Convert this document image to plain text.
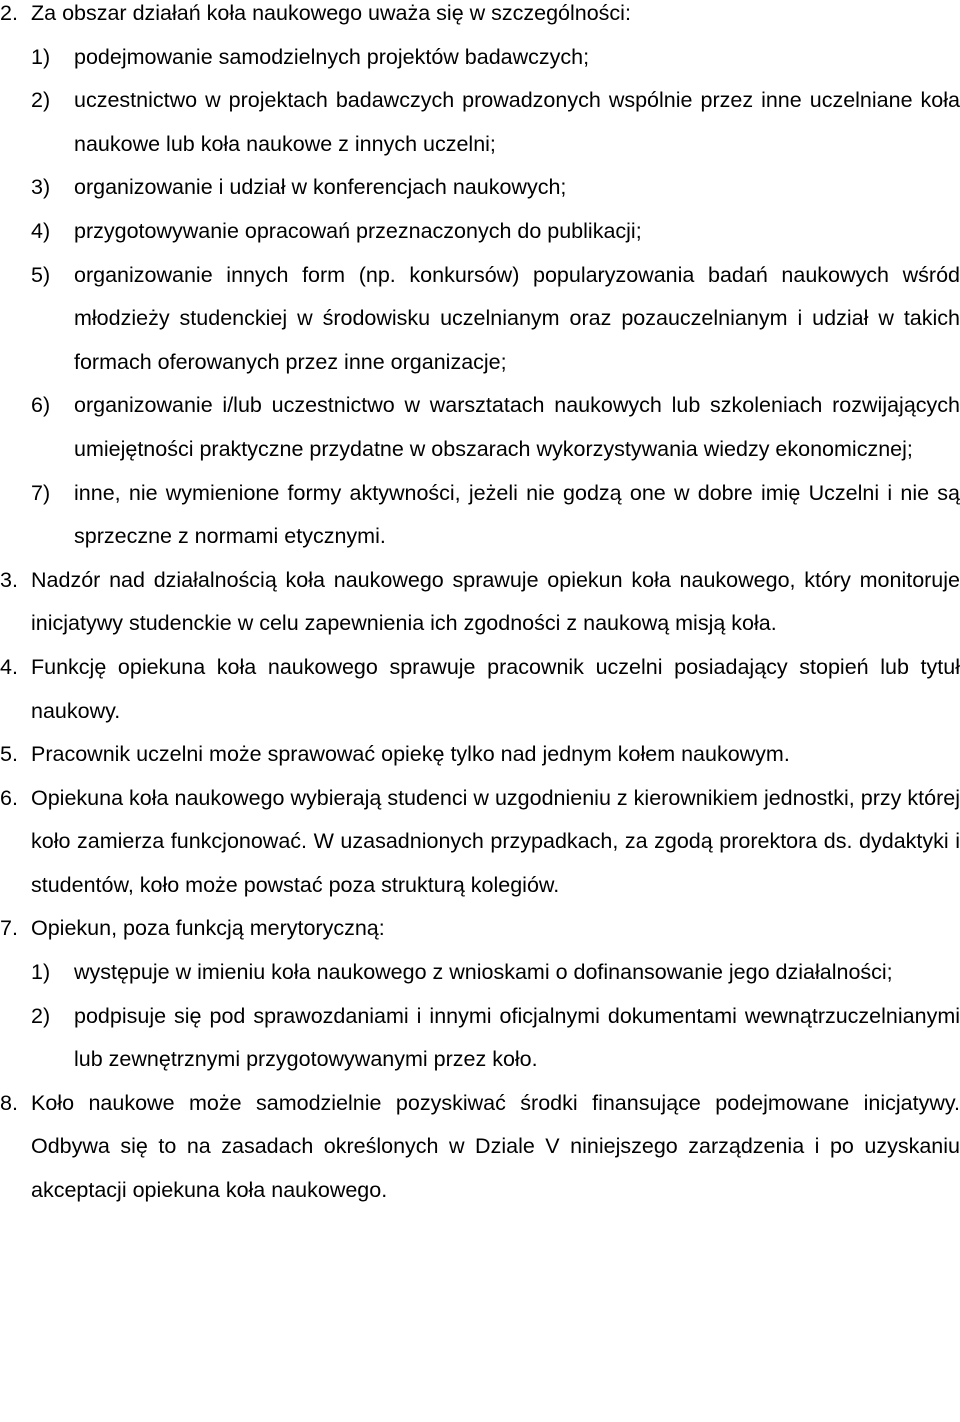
2. Za obszar działań koła naukowego uważa się w szczególności:
1) podejmowanie samodzielnych projektów badawczych;
2) uczestnictwo w projektach badawczych prowadzonych wspólnie przez inne uczelniane koła naukowe lub koła naukowe z innych uczelni;
3) organizowanie i udział w konferencjach naukowych;
4) przygotowywanie opracowań przeznaczonych do publikacji;
5) organizowanie innych form (np. konkursów) popularyzowania badań naukowych wśród młodzieży studenckiej w środowisku uczelnianym oraz pozauczelnianym i udział w takich formach oferowanych przez inne organizacje;
6) organizowanie i/lub uczestnictwo w warsztatach naukowych lub szkoleniach rozwijających umiejętności praktyczne przydatne w obszarach wykorzystywania wiedzy ekonomicznej;
7) inne, nie wymienione formy aktywności, jeżeli nie godzą one w dobre imię Uczelni i nie są sprzeczne z normami etycznymi.
3. Nadzór nad działalnością koła naukowego sprawuje opiekun koła naukowego, który monitoruje inicjatywy studenckie w celu zapewnienia ich zgodności z naukową misją koła.
4. Funkcję opiekuna koła naukowego sprawuje pracownik uczelni posiadający stopień lub tytuł naukowy.
5. Pracownik uczelni może sprawować opiekę tylko nad jednym kołem naukowym.
6. Opiekuna koła naukowego wybierają studenci w uzgodnieniu z kierownikiem jednostki, przy której koło zamierza funkcjonować. W uzasadnionych przypadkach, za zgodą prorektora ds. dydaktyki i studentów, koło może powstać poza strukturą kolegiów.
7. Opiekun, poza funkcją merytoryczną:
1) występuje w imieniu koła naukowego z wnioskami o dofinansowanie jego działalności;
2) podpisuje się pod sprawozdaniami i innymi oficjalnymi dokumentami wewnątrzuczelnianymi lub zewnętrznymi przygotowywanymi przez koło.
8. Koło naukowe może samodzielnie pozyskiwać środki finansujące podejmowane inicjatywy. Odbywa się to na zasadach określonych w Dziale V niniejszego zarządzenia i po uzyskaniu akceptacji opiekuna koła naukowego.
